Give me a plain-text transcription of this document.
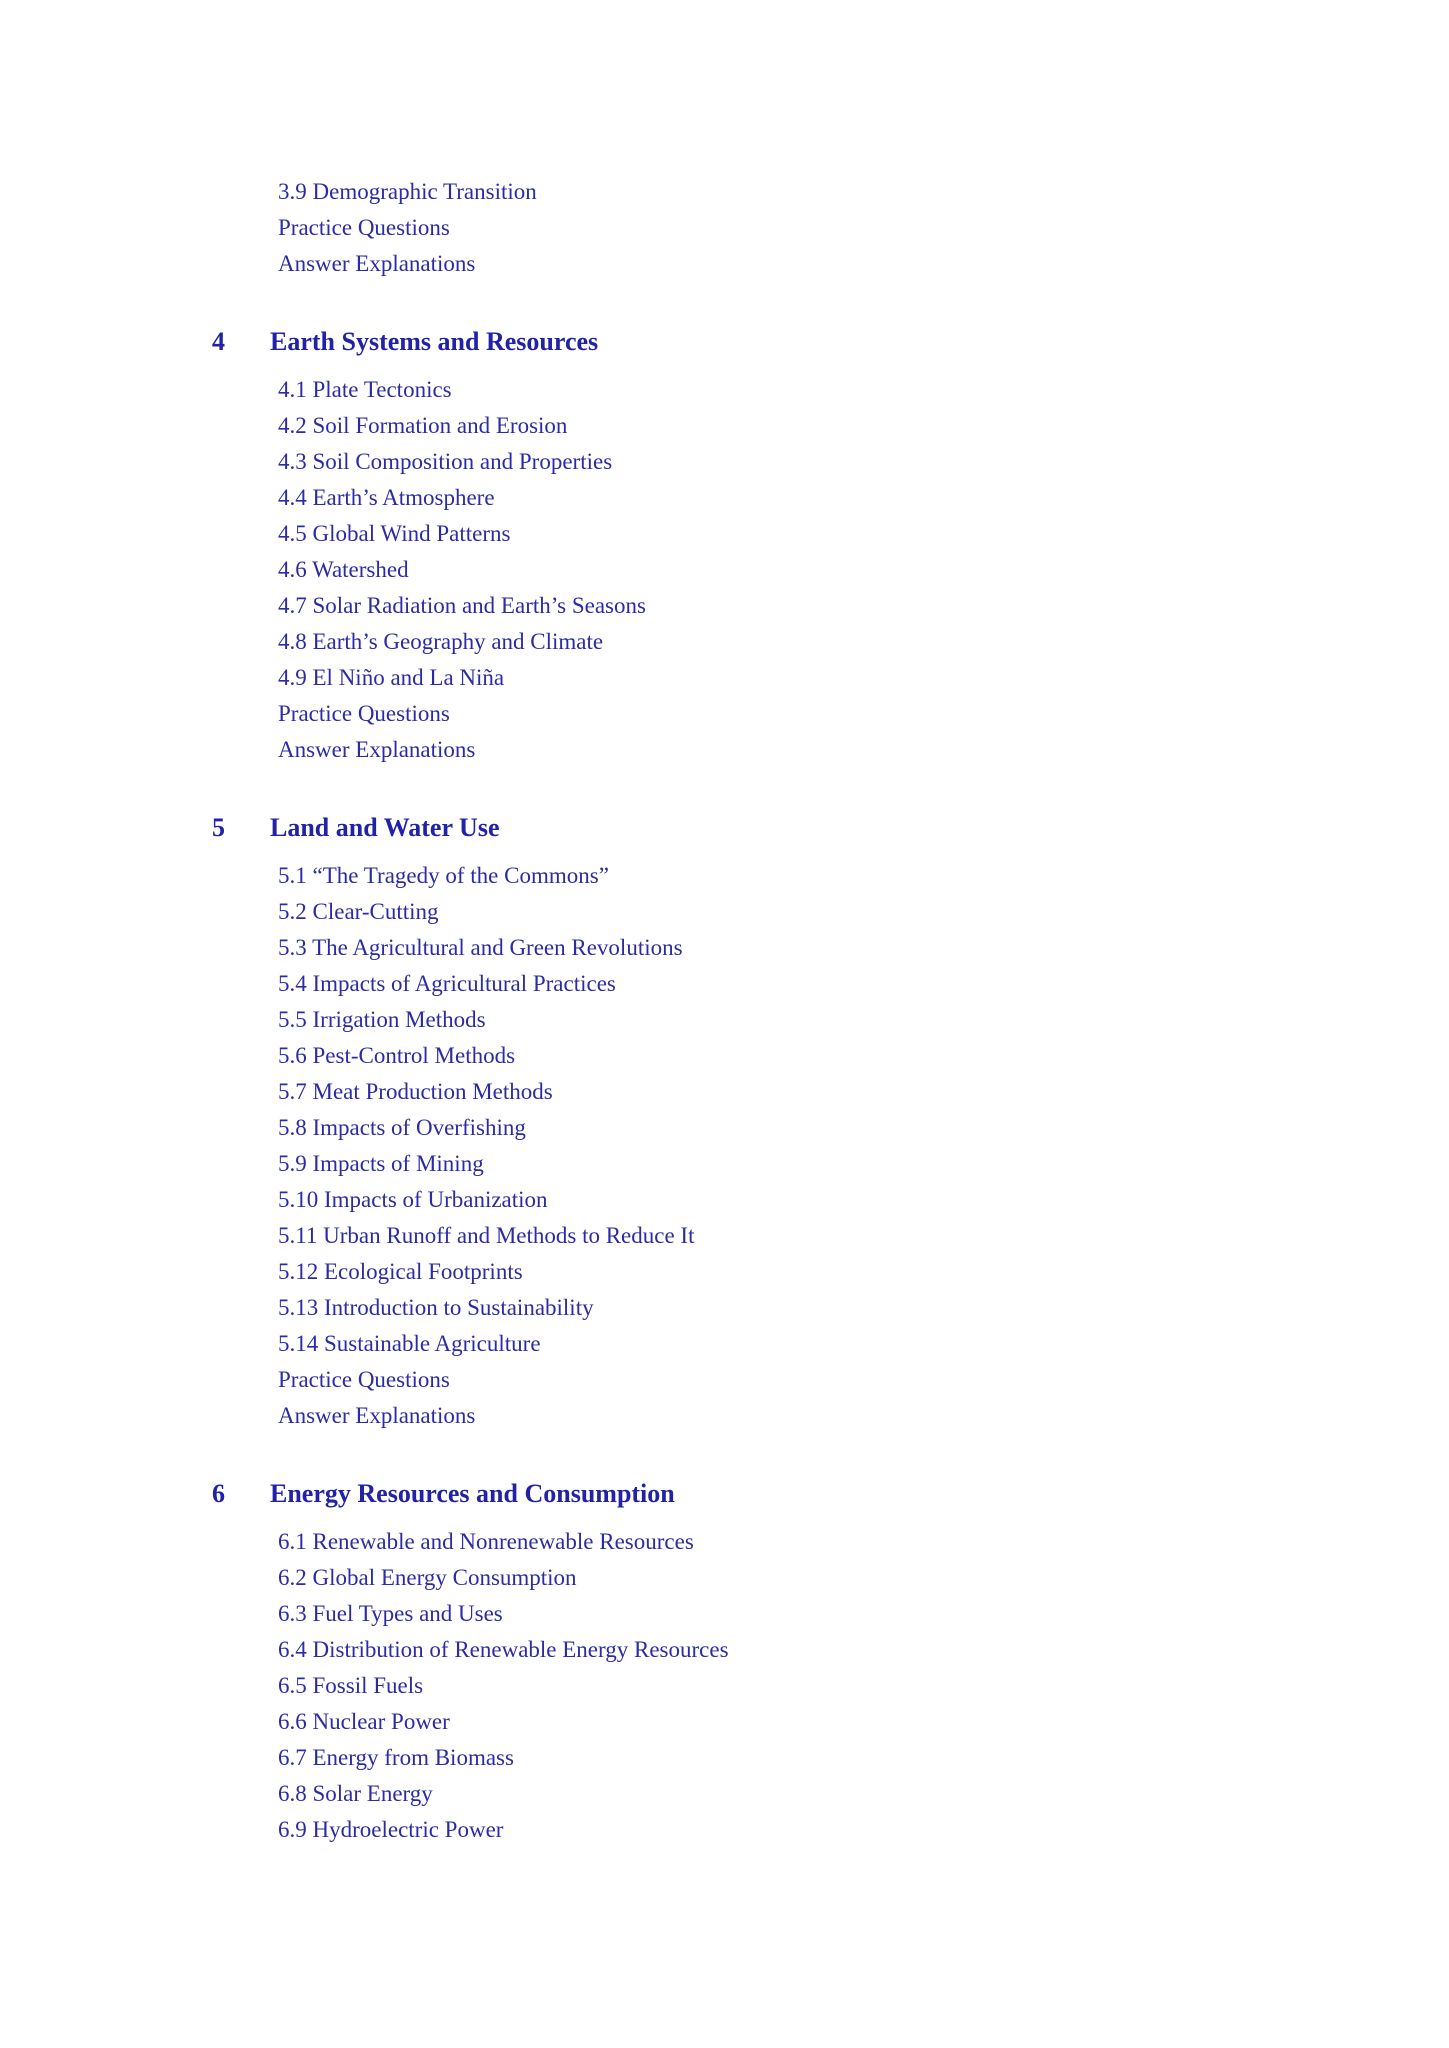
3.9 Demographic Transition
Practice Questions
Answer Explanations
4 Earth Systems and Resources
4.1 Plate Tectonics
4.2 Soil Formation and Erosion
4.3 Soil Composition and Properties
4.4 Earth’s Atmosphere
4.5 Global Wind Patterns
4.6 Watershed
4.7 Solar Radiation and Earth’s Seasons
4.8 Earth’s Geography and Climate
4.9 El Niño and La Niña
Practice Questions
Answer Explanations
5 Land and Water Use
5.1 “The Tragedy of the Commons”
5.2 Clear-Cutting
5.3 The Agricultural and Green Revolutions
5.4 Impacts of Agricultural Practices
5.5 Irrigation Methods
5.6 Pest-Control Methods
5.7 Meat Production Methods
5.8 Impacts of Overfishing
5.9 Impacts of Mining
5.10 Impacts of Urbanization
5.11 Urban Runoff and Methods to Reduce It
5.12 Ecological Footprints
5.13 Introduction to Sustainability
5.14 Sustainable Agriculture
Practice Questions
Answer Explanations
6 Energy Resources and Consumption
6.1 Renewable and Nonrenewable Resources
6.2 Global Energy Consumption
6.3 Fuel Types and Uses
6.4 Distribution of Renewable Energy Resources
6.5 Fossil Fuels
6.6 Nuclear Power
6.7 Energy from Biomass
6.8 Solar Energy
6.9 Hydroelectric Power
